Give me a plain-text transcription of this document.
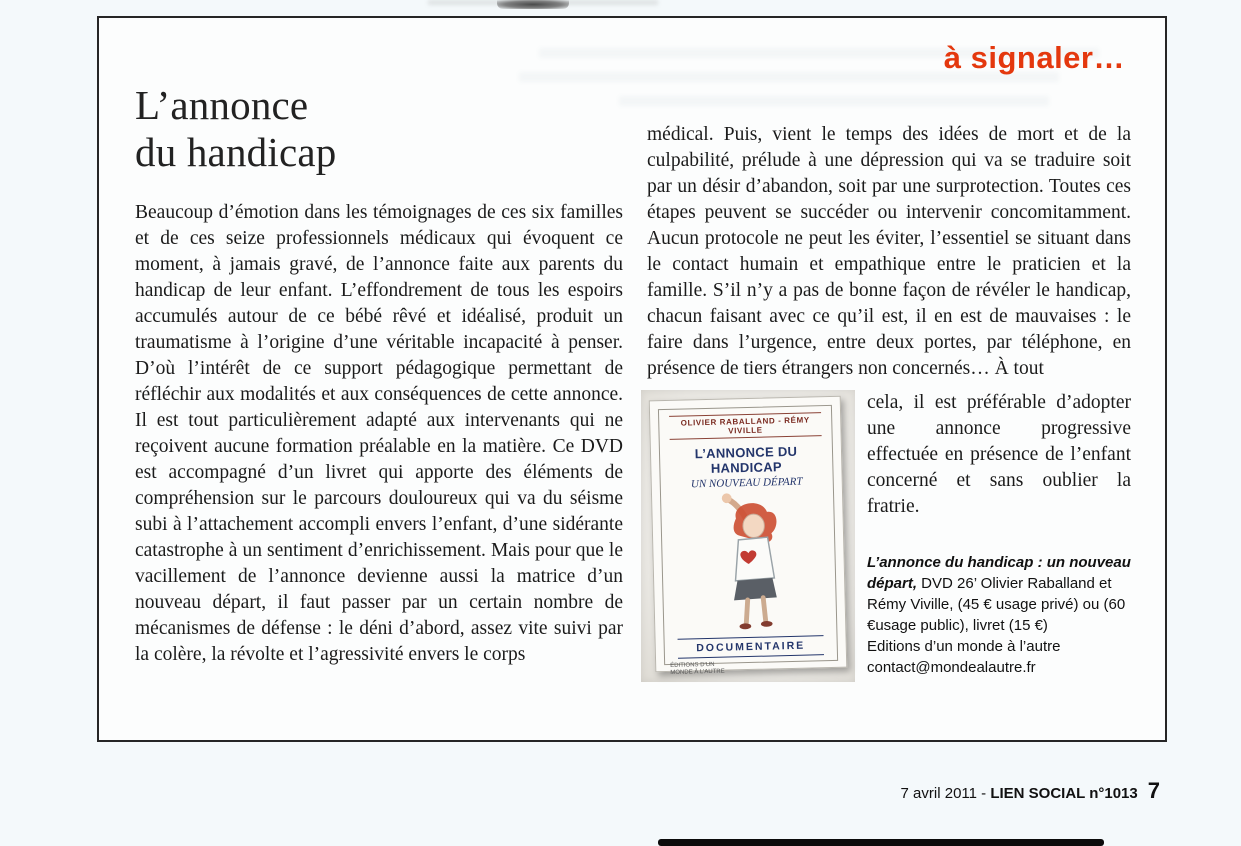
à signaler…
L’annonce
du handicap

Beaucoup d’émotion dans les témoignages de ces six familles et de ces seize professionnels médicaux qui évoquent ce moment, à jamais gravé, de l’annonce faite aux parents du handicap de leur enfant. L’effondrement de tous les espoirs accumulés autour de ce bébé rêvé et idéalisé, produit un traumatisme à l’origine d’une véritable incapacité à penser. D’où l’intérêt de ce support pédagogique permettant de réfléchir aux modalités et aux conséquences de cette annonce. Il est tout particulièrement adapté aux intervenants qui ne reçoivent aucune formation préalable en la matière. Ce DVD est accompagné d’un livret qui apporte des éléments de compréhension sur le parcours douloureux qui va du séisme subi à l’attachement accompli envers l’enfant, d’une sidérante catastrophe à un sentiment d’enrichissement. Mais pour que le vacillement de l’annonce devienne aussi la matrice d’un nouveau départ, il faut passer par un certain nombre de mécanismes de défense : le déni d’abord, assez vite suivi par la colère, la révolte et l’agressivité envers le corps

médical. Puis, vient le temps des idées de mort et de la culpabilité, prélude à une dépression qui va se traduire soit par un désir d’abandon, soit par une surprotection. Toutes ces étapes peuvent se succéder ou intervenir concomitamment. Aucun protocole ne peut les éviter, l’essentiel se situant dans le contact humain et empathique entre le praticien et la famille. S’il n’y a pas de bonne façon de révéler le handicap, chacun faisant avec ce qu’il est, il en est de mauvaises : le faire dans l’urgence, entre deux portes, par téléphone, en présence de tiers étrangers non concernés… À tout

OLIVIER RABALLAND - RÉMY VIVILLE
L’ANNONCE DU HANDICAP
UN NOUVEAU DÉPART
DOCUMENTAIRE
ÉDITIONS D’UN MONDE À L’AUTRE

cela, il est préférable d’adopter une annonce progressive effectuée en présence de l’enfant concerné et sans oublier la fratrie.

L’annonce du handicap : un nouveau départ, DVD 26’ Olivier Raballand et Rémy Viville, (45 € usage privé) ou (60 €usage public), livret (15 €)

Editions d’un monde à l’autre
contact@mondealautre.fr
7 avril 2011 - LIEN SOCIAL n°1013 7
